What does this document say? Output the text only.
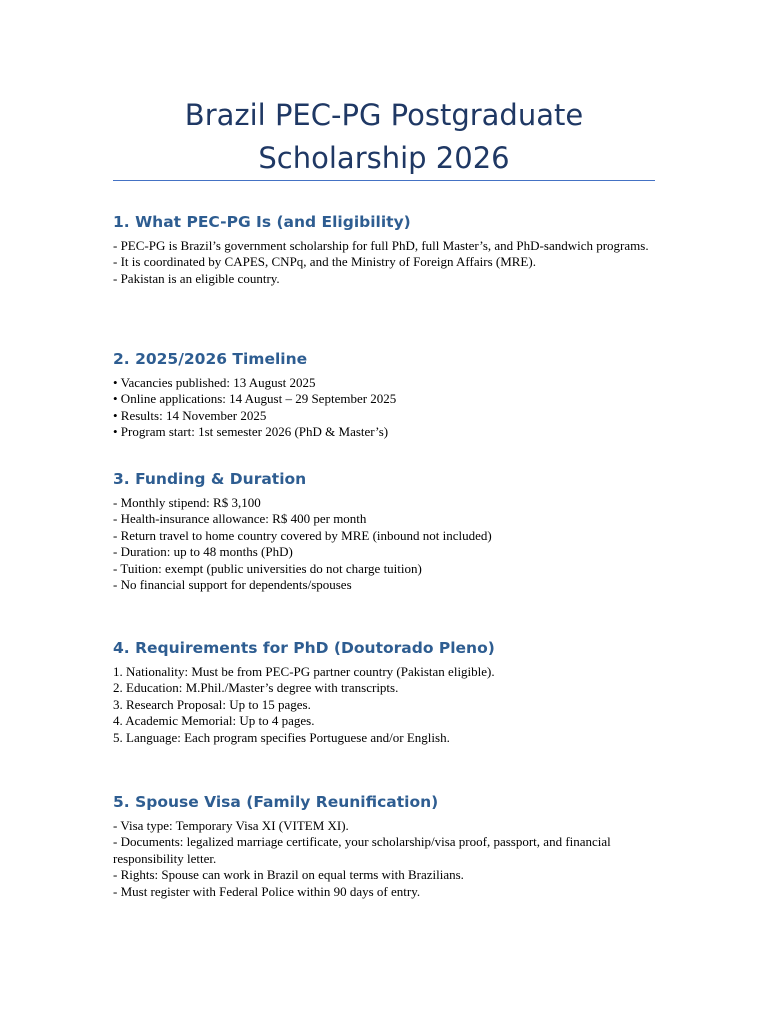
Brazil PEC-PG Postgraduate Scholarship 2026
1. What PEC-PG Is (and Eligibility)
- PEC-PG is Brazil’s government scholarship for full PhD, full Master’s, and PhD-sandwich programs.
- It is coordinated by CAPES, CNPq, and the Ministry of Foreign Affairs (MRE).
- Pakistan is an eligible country.
2. 2025/2026 Timeline
• Vacancies published: 13 August 2025
• Online applications: 14 August – 29 September 2025
• Results: 14 November 2025
• Program start: 1st semester 2026 (PhD & Master’s)
3. Funding & Duration
- Monthly stipend: R$ 3,100
- Health-insurance allowance: R$ 400 per month
- Return travel to home country covered by MRE (inbound not included)
- Duration: up to 48 months (PhD)
- Tuition: exempt (public universities do not charge tuition)
- No financial support for dependents/spouses
4. Requirements for PhD (Doutorado Pleno)
1. Nationality: Must be from PEC-PG partner country (Pakistan eligible).
2. Education: M.Phil./Master’s degree with transcripts.
3. Research Proposal: Up to 15 pages.
4. Academic Memorial: Up to 4 pages.
5. Language: Each program specifies Portuguese and/or English.
5. Spouse Visa (Family Reunification)
- Visa type: Temporary Visa XI (VITEM XI).
- Documents: legalized marriage certificate, your scholarship/visa proof, passport, and financial responsibility letter.
- Rights: Spouse can work in Brazil on equal terms with Brazilians.
- Must register with Federal Police within 90 days of entry.
